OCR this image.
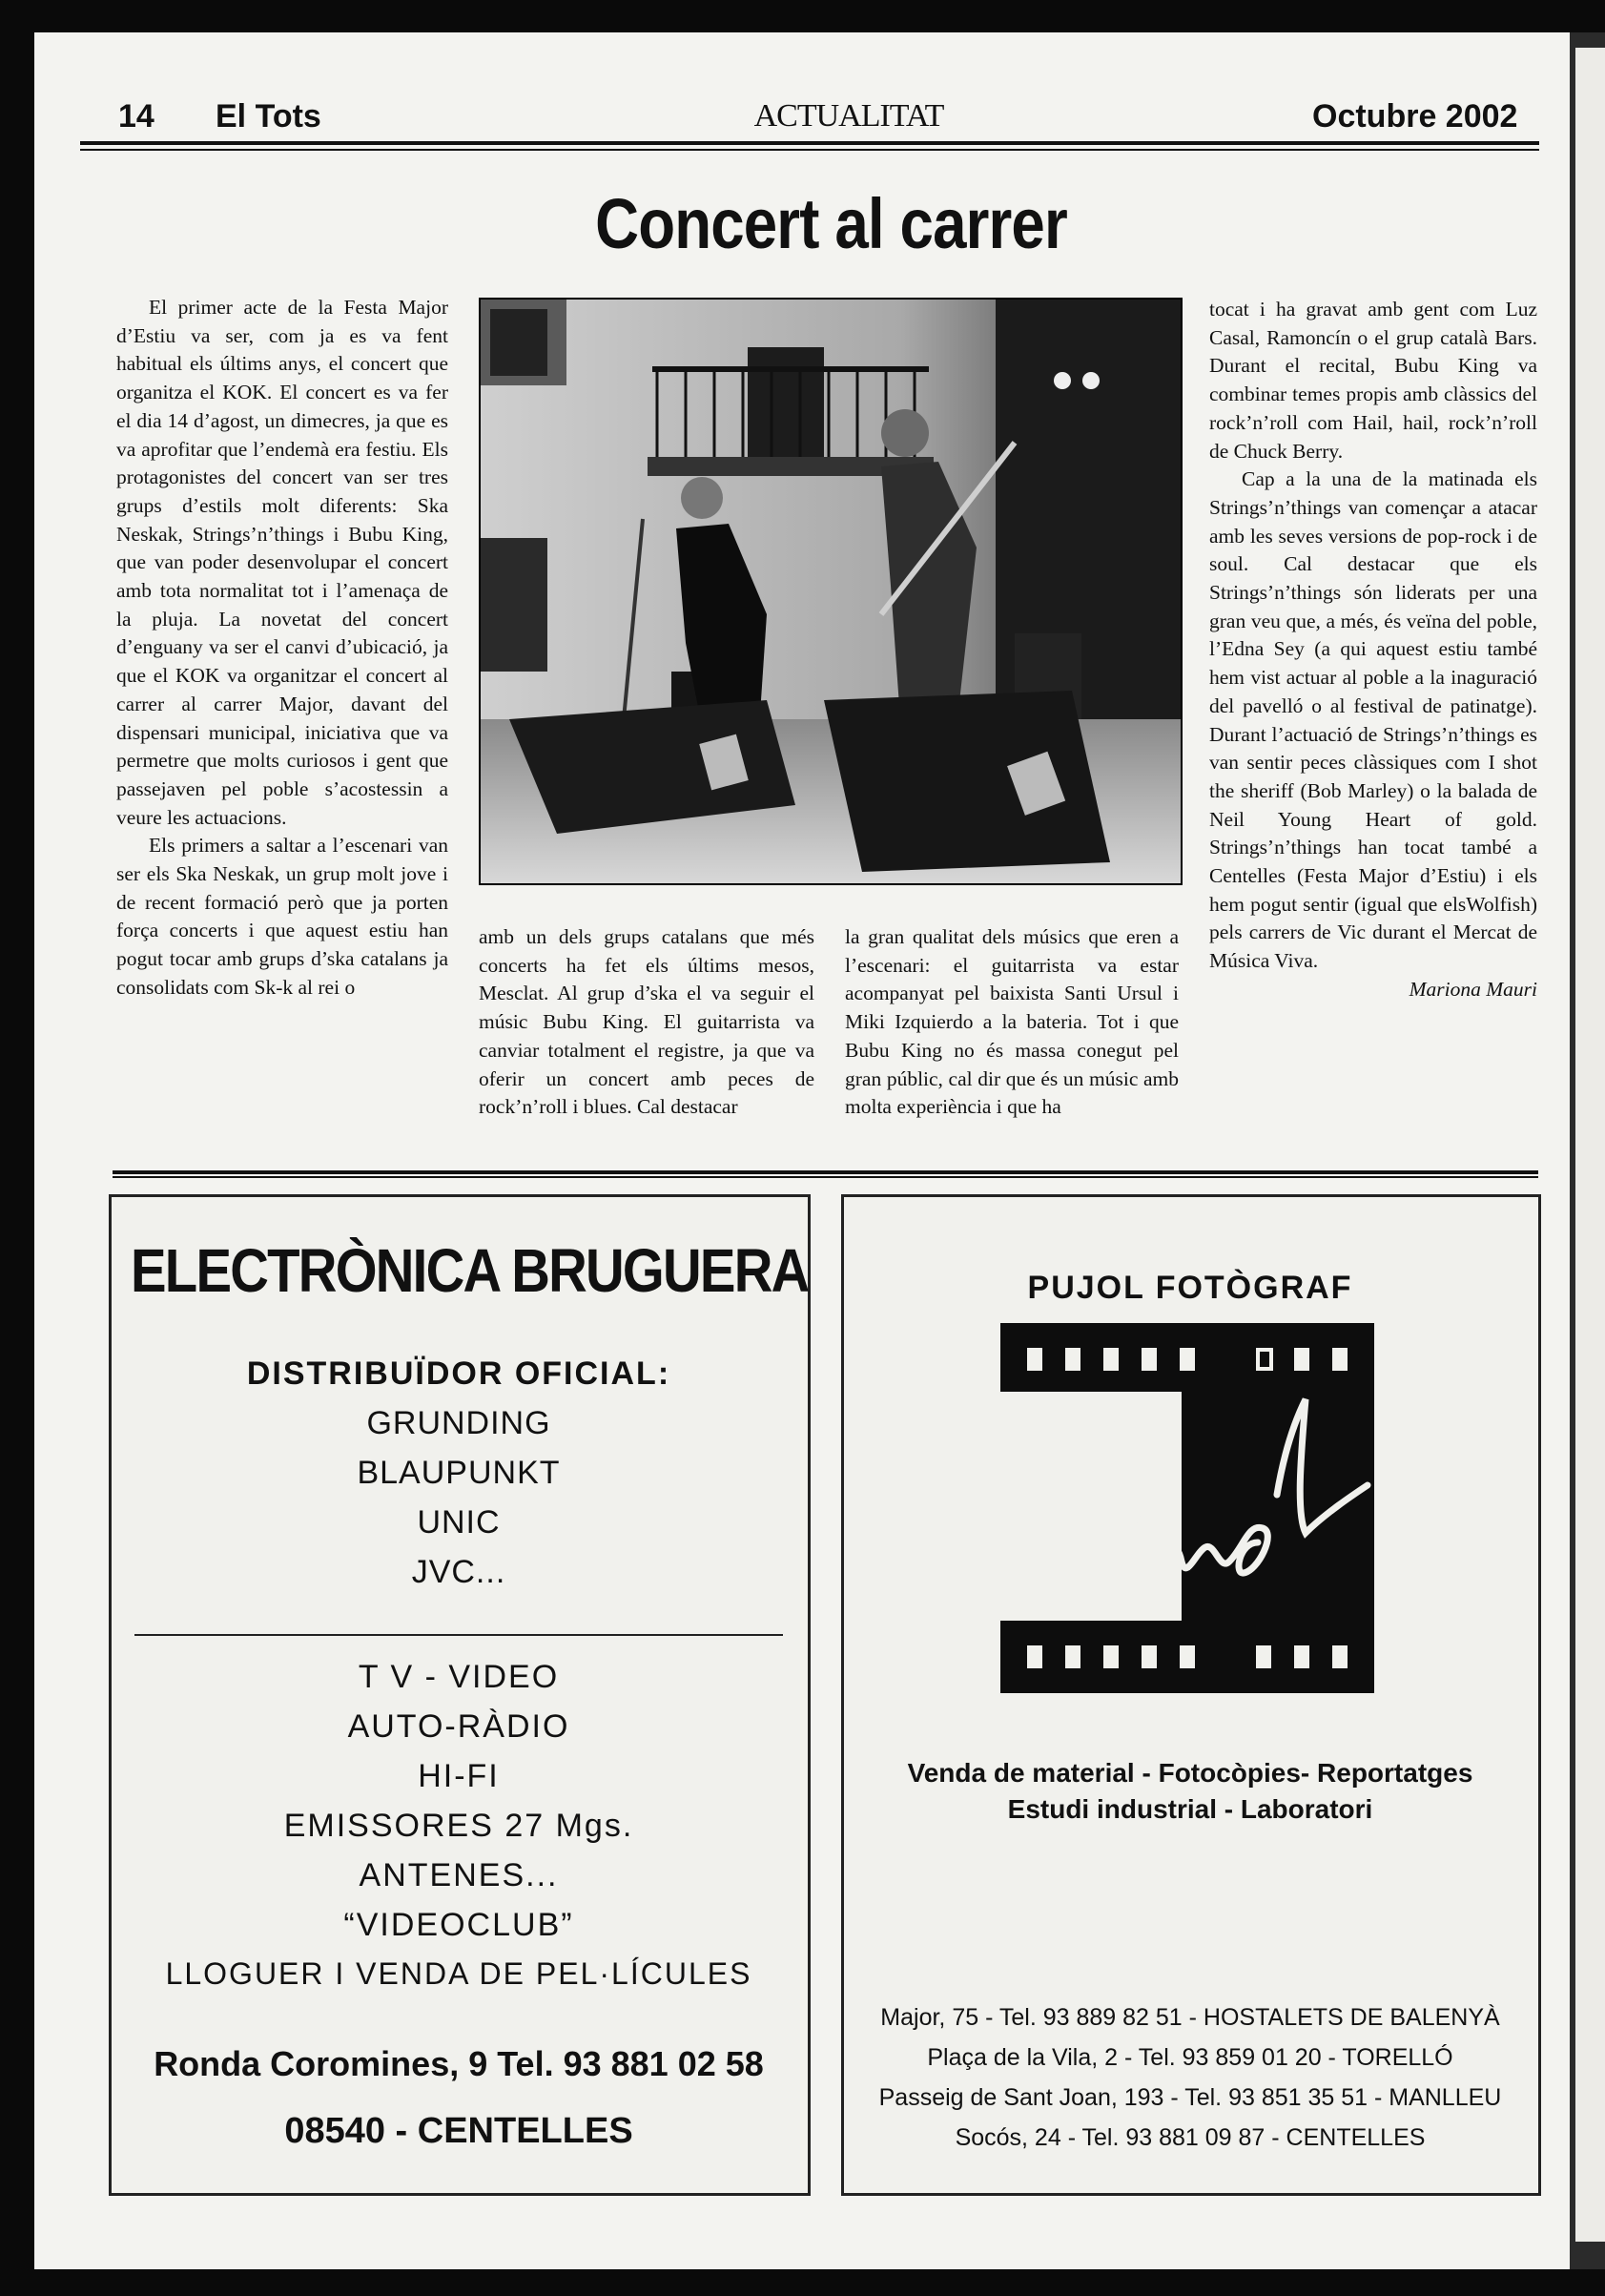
14 El Tots	ACTUALITAT	Octubre 2002
Concert al carrer

El primer acte de la Festa Major d’Estiu va ser, com ja es va fent habitual els últims anys, el concert que organitza el KOK. El concert es va fer el dia 14 d’agost, un dimecres, ja que es va aprofitar que l’endemà era festiu. Els protagonistes del concert van ser tres grups d’estils molt diferents: Ska Neskak, Strings’n’things i Bubu King, que van poder desenvolupar el concert amb tota normalitat tot i l’amenaça de la pluja. La novetat del concert d’enguany va ser el canvi d’ubicació, ja que el KOK va organitzar el concert al carrer al carrer Major, davant del dispensari municipal, iniciativa que va permetre que molts curiosos i gent que passejaven pel poble s’acostessin a veure les actuacions.

Els primers a saltar a l’escenari van ser els Ska Neskak, un grup molt jove i de recent formació però que ja porten força concerts i que aquest estiu han pogut tocar amb grups d’ska catalans ja consolidats com Sk-k al rei o

amb un dels grups catalans que més concerts ha fet els últims mesos, Mesclat. Al grup d’ska el va seguir el músic Bubu King. El guitarrista va canviar totalment el registre, ja que va oferir un concert amb peces de rock’n’roll i blues. Cal destacar

la gran qualitat dels músics que eren a l’escenari: el guitarrista va estar acompanyat pel baixista Santi Ursul i Miki Izquierdo a la bateria. Tot i que Bubu King no és massa conegut pel gran públic, cal dir que és un músic amb molta experiència i que ha

tocat i ha gravat amb gent com Luz Casal, Ramoncín o el grup català Bars. Durant el recital, Bubu King va combinar temes propis amb clàssics del rock’n’roll com Hail, hail, rock’n’roll de Chuck Berry.

Cap a la una de la matinada els Strings’n’things van començar a atacar amb les seves versions de pop-rock i de soul. Cal destacar que els Strings’n’things són liderats per una gran veu que, a més, és veïna del poble, l’Edna Sey (a qui aquest estiu també hem vist actuar al poble a la inaguració del pavelló o al festival de patinatge). Durant l’actuació de Strings’n’things es van sentir peces clàssiques com I shot the sheriff (Bob Marley) o la balada de Neil Young Heart of gold. Strings’n’things han tocat també a Centelles (Festa Major d’Estiu) i els hem pogut sentir (igual que elsWolfish) pels carrers de Vic durant el Mercat de Música Viva.

Mariona Mauri

ELECTRÒNICA BRUGUERA
DISTRIBUÏDOR OFICIAL:
GRUNDING
BLAUPUNKT
UNIC
JVC...
T V - VIDEO
AUTO-RÀDIO
HI-FI
EMISSORES 27 Mgs.
ANTENES...
“VIDEOCLUB”
LLOGUER I VENDA DE PEL·LÍCULES
Ronda Coromines, 9 Tel. 93 881 02 58
08540 - CENTELLES
PUJOL FOTÒGRAF
Venda de material - Fotocòpies- Reportatges
Estudi industrial - Laboratori
Major, 75 - Tel. 93 889 82 51 - HOSTALETS DE BALENYÀ
Plaça de la Vila, 2 - Tel. 93 859 01 20 - TORELLÓ
Passeig de Sant Joan, 193 - Tel. 93 851 35 51 - MANLLEU
Socós, 24 - Tel. 93 881 09 87 - CENTELLES
